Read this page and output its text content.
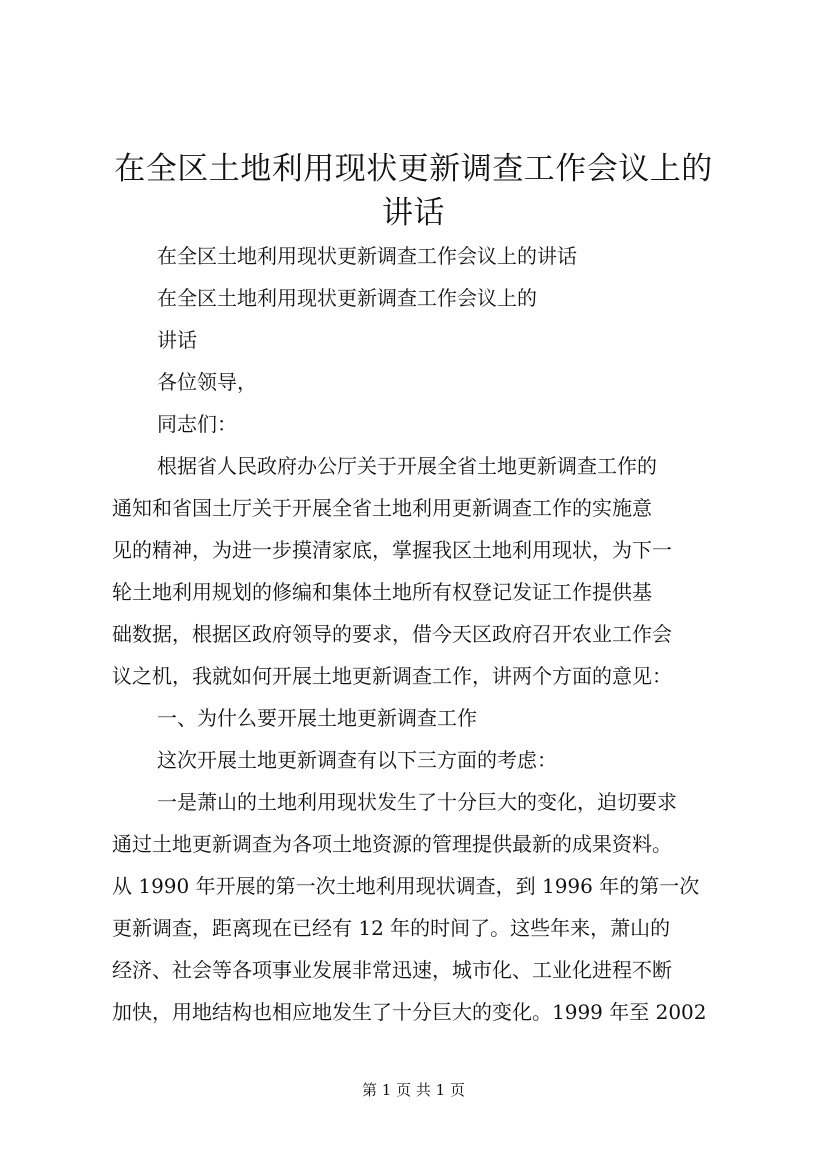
在全区土地利用现状更新调查工作会议上的讲话
在全区土地利用现状更新调查工作会议上的讲话
在全区土地利用现状更新调查工作会议上的
讲话
各位领导，
同志们：
根据省人民政府办公厅关于开展全省土地更新调查工作的
通知和省国土厅关于开展全省土地利用更新调查工作的实施意
见的精神，为进一步摸清家底，掌握我区土地利用现状，为下一
轮土地利用规划的修编和集体土地所有权登记发证工作提供基
础数据，根据区政府领导的要求，借今天区政府召开农业工作会
议之机，我就如何开展土地更新调查工作，讲两个方面的意见：
一、为什么要开展土地更新调查工作
这次开展土地更新调查有以下三方面的考虑：
一是萧山的土地利用现状发生了十分巨大的变化，迫切要求
通过土地更新调查为各项土地资源的管理提供最新的成果资料。
从 1990 年开展的第一次土地利用现状调查，到 1996 年的第一次
更新调查，距离现在已经有 12 年的时间了。这些年来，萧山的
经济、社会等各项事业发展非常迅速，城市化、工业化进程不断
加快，用地结构也相应地发生了十分巨大的变化。1999 年至 2002
第 1 页 共 1 页
